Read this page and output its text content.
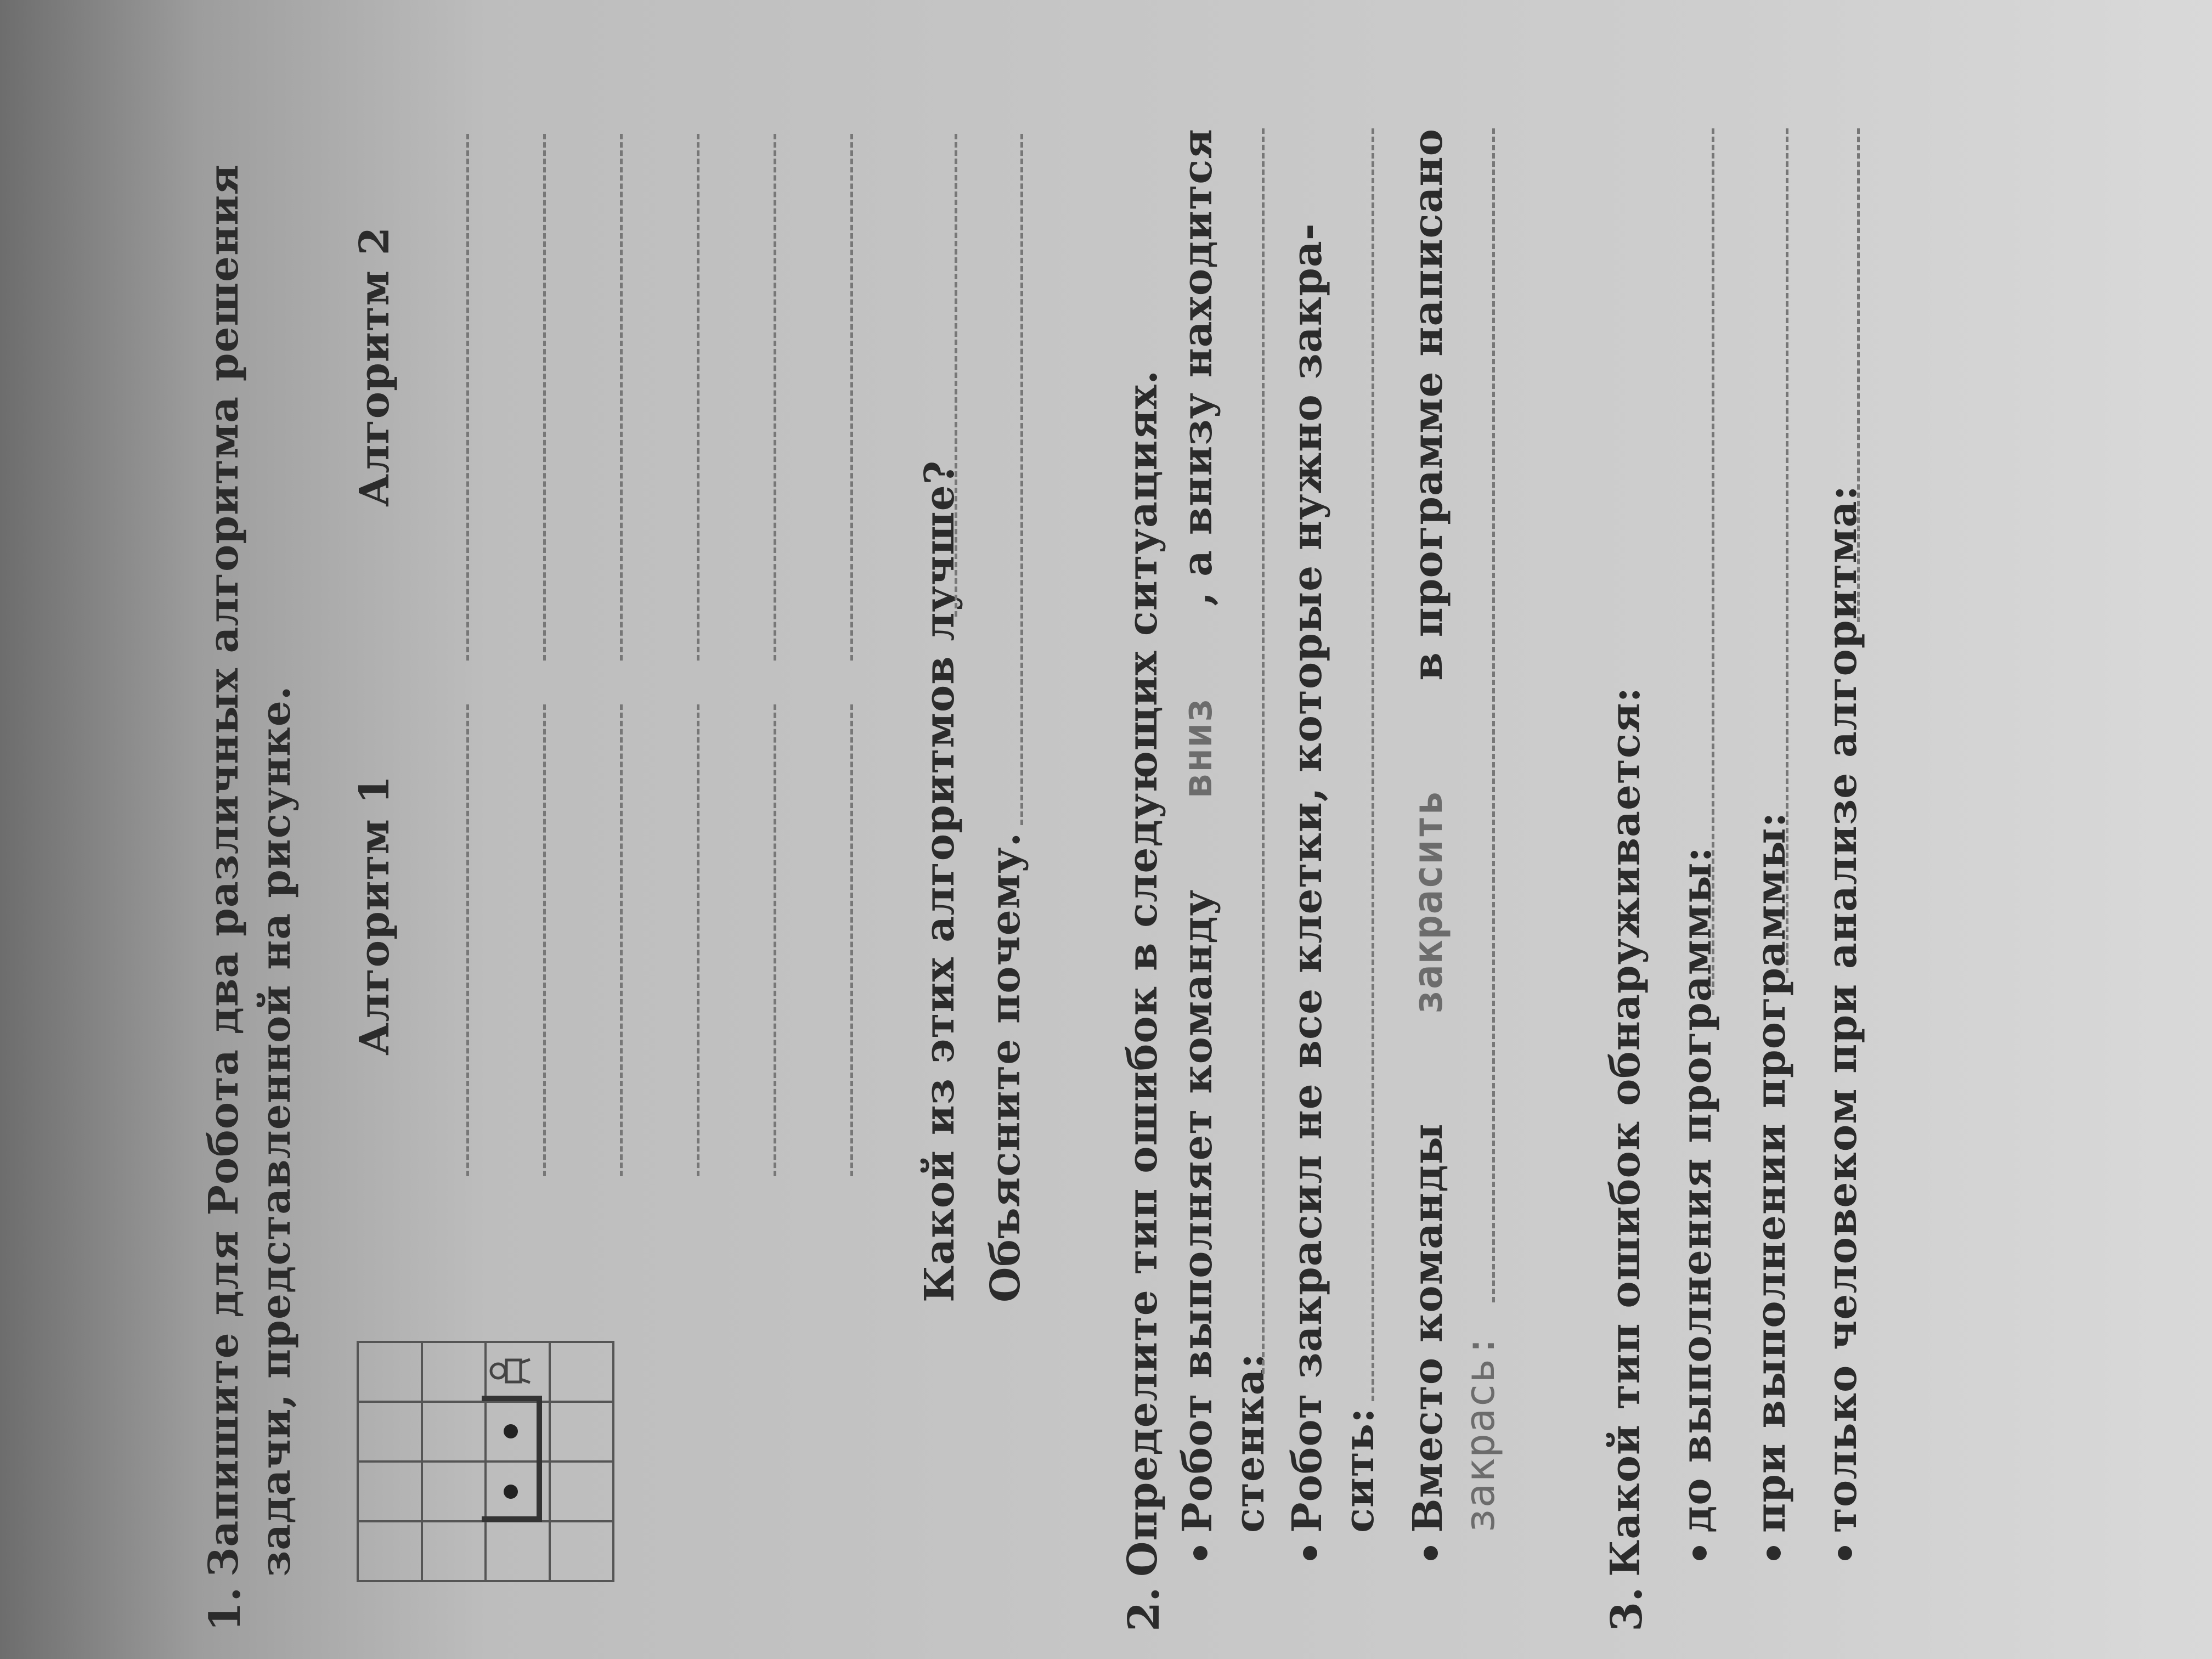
1.
Запишите для Робота два различных алгоритма решения задачи, представленной на рисунке.

			Алгоритм 1
Алгоритм 2
Какой из этих алгоритмов лучше? Объясните почему.
2.
Определите тип ошибок в следующих ситуациях. Робот выполняет команду
вниз
, а внизу находится
стенка: Робот закрасил не все клетки, которые нужно закра- сить: Вместо команды
закрасить
в программе написано
закрась:
3.
Какой тип ошибок обнаруживается: до выполнения программы: при выполнении программы: только человеком при анализе алгоритма:
